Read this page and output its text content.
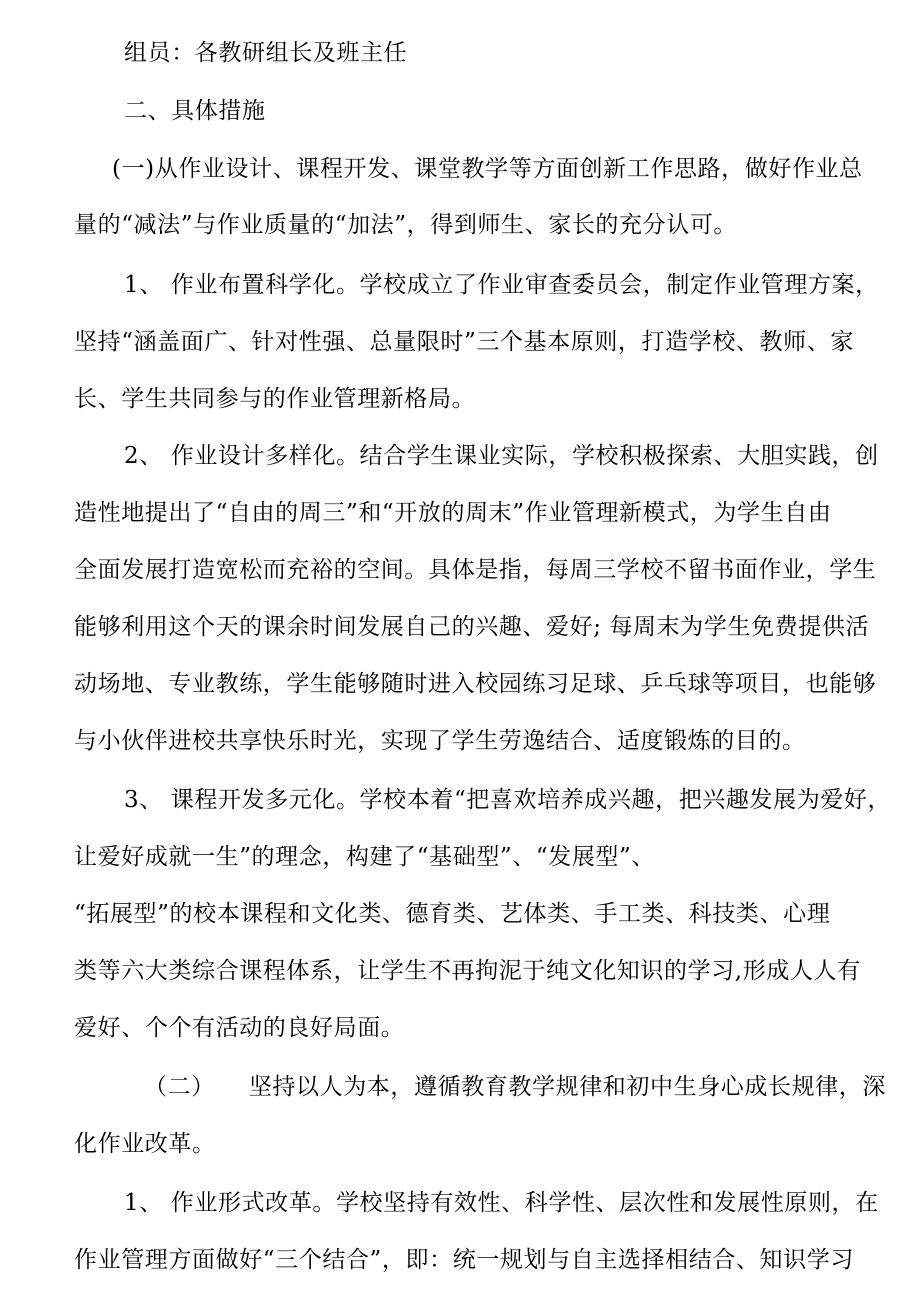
组员：各教研组长及班主任
二、具体措施
(一)从作业设计、课程开发、课堂教学等方面创新工作思路，做好作业总
量的“减法”与作业质量的“加法”，得到师生、家长的充分认可。
1、 作业布置科学化。学校成立了作业审查委员会，制定作业管理方案，
坚持“涵盖面广、针对性强、总量限时”三个基本原则，打造学校、教师、家
长、学生共同参与的作业管理新格局。
2、 作业设计多样化。结合学生课业实际，学校积极探索、大胆实践，创
造性地提出了“自由的周三”和“开放的周末”作业管理新模式，为学生自由
全面发展打造宽松而充裕的空间。具体是指，每周三学校不留书面作业，学生
能够利用这个天的课余时间发展自己的兴趣、爱好; 每周末为学生免费提供活
动场地、专业教练，学生能够随时进入校园练习足球、乒乓球等项目，也能够
与小伙伴进校共享快乐时光，实现了学生劳逸结合、适度锻炼的目的。
3、 课程开发多元化。学校本着“把喜欢培养成兴趣，把兴趣发展为爱好，
让爱好成就一生”的理念，构建了“基础型”、“发展型”、
“拓展型”的校本课程和文化类、德育类、艺体类、手工类、科技类、心理
类等六大类综合课程体系，让学生不再拘泥于纯文化知识的学习,形成人人有
爱好、个个有活动的良好局面。
（二） 坚持以人为本，遵循教育教学规律和初中生身心成长规律，深
化作业改革。
1、 作业形式改革。学校坚持有效性、科学性、层次性和发展性原则，在
作业管理方面做好“三个结合”，即：统一规划与自主选择相结合、知识学习
